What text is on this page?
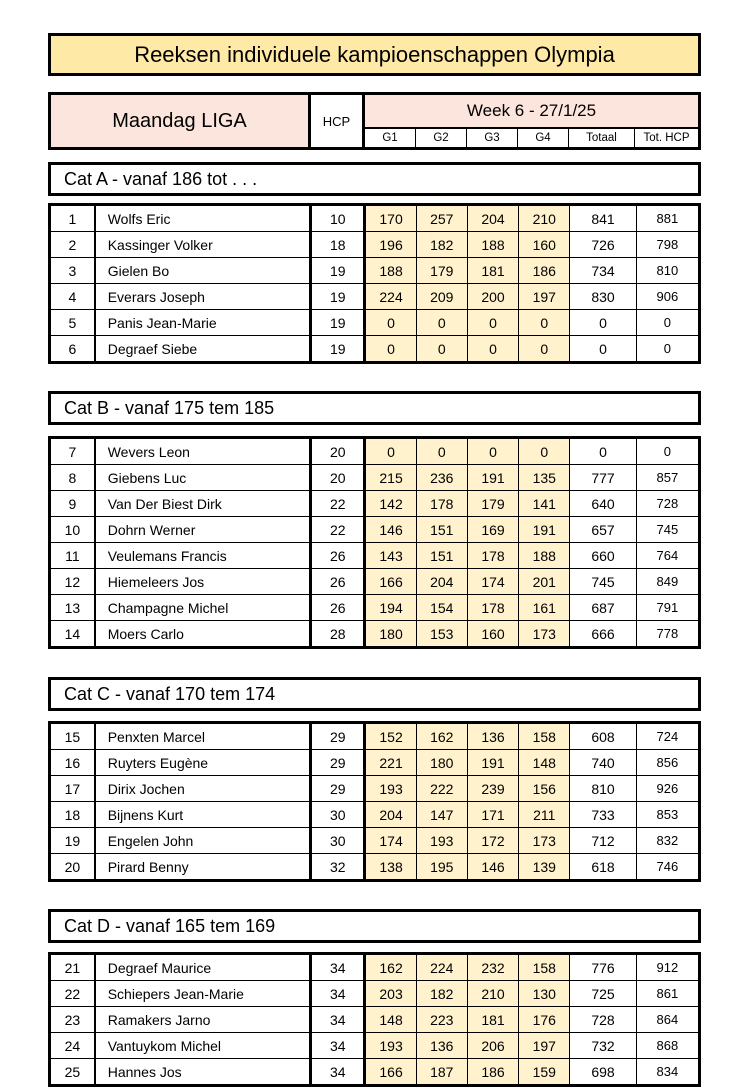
Reeksen individuele kampioenschappen Olympia
Maandag LIGA	HCP
Week 6 - 27/1/25
G1	G2	G3	G4	Totaal	Tot. HCP
Cat A - vanaf 186 tot . . .
1	Wolfs Eric	10	170	257	204	210	841	881
2	Kassinger Volker	18	196	182	188	160	726	798
3	Gielen Bo	19	188	179	181	186	734	810
4	Everars Joseph	19	224	209	200	197	830	906
5	Panis Jean-Marie	19	0	0	0	0	0	0
6	Degraef Siebe	19	0	0	0	0	0	0
Cat B - vanaf 175 tem 185
7	Wevers Leon	20	0	0	0	0	0	0
8	Giebens Luc	20	215	236	191	135	777	857
9	Van Der Biest Dirk	22	142	178	179	141	640	728
10	Dohrn Werner	22	146	151	169	191	657	745
11	Veulemans Francis	26	143	151	178	188	660	764
12	Hiemeleers Jos	26	166	204	174	201	745	849
13	Champagne Michel	26	194	154	178	161	687	791
14	Moers Carlo	28	180	153	160	173	666	778
Cat C - vanaf 170 tem 174
15	Penxten Marcel	29	152	162	136	158	608	724
16	Ruyters Eugène	29	221	180	191	148	740	856
17	Dirix Jochen	29	193	222	239	156	810	926
18	Bijnens Kurt	30	204	147	171	211	733	853
19	Engelen John	30	174	193	172	173	712	832
20	Pirard Benny	32	138	195	146	139	618	746
Cat D - vanaf 165 tem 169
21	Degraef Maurice	34	162	224	232	158	776	912
22	Schiepers Jean-Marie	34	203	182	210	130	725	861
23	Ramakers Jarno	34	148	223	181	176	728	864
24	Vantuykom Michel	34	193	136	206	197	732	868
25	Hannes Jos	34	166	187	186	159	698	834
